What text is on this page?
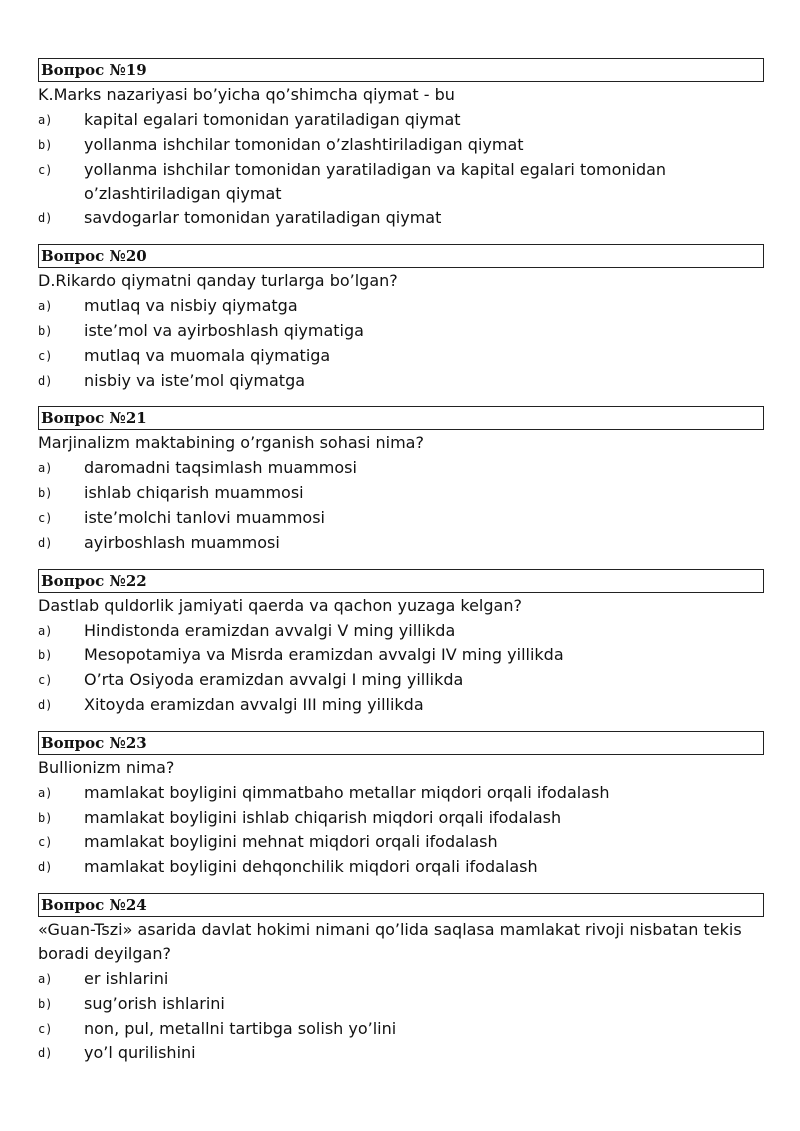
Вопрос №19
K.Marks nazariyasi bo’yicha qo’shimcha qiymat - bu
a)	kapital egalari tomonidan yaratiladigan qiymat
b)	yollanma ishchilar tomonidan o’zlashtiriladigan qiymat
c)	yollanma ishchilar tomonidan yaratiladigan va kapital egalari tomonidan o’zlashtiriladigan qiymat
d)	savdogarlar tomonidan yaratiladigan qiymat
Вопрос №20
D.Rikardo qiymatni qanday turlarga bo’lgan?
a)	mutlaq va nisbiy qiymatga
b)	iste’mol va ayirboshlash qiymatiga
c)	mutlaq va muomala qiymatiga
d)	nisbiy va iste’mol qiymatga
Вопрос №21
Marjinalizm maktabining o’rganish sohasi nima?
a)	daromadni taqsimlash muammosi
b)	ishlab chiqarish muammosi
c)	iste’molchi tanlovi muammosi
d)	ayirboshlash muammosi
Вопрос №22
Dastlab quldorlik jamiyati qaerda va qachon yuzaga kelgan?
a)	Hindistonda eramizdan avvalgi V ming yillikda
b)	Mesopotamiya va Misrda eramizdan avvalgi IV ming yillikda
c)	O’rta Osiyoda eramizdan avvalgi I ming yillikda
d)	Xitoyda eramizdan avvalgi III ming yillikda
Вопрос №23
Bullionizm nima?
a)	mamlakat boyligini qimmatbaho metallar miqdori orqali ifodalash
b)	mamlakat boyligini ishlab chiqarish miqdori orqali ifodalash
c)	mamlakat boyligini mehnat miqdori orqali ifodalash
d)	mamlakat boyligini dehqonchilik miqdori orqali ifodalash
Вопрос №24
«Guan-Tszi» asarida davlat hokimi nimani qo’lida saqlasa mamlakat rivoji nisbatan tekis boradi deyilgan?
a)	er ishlarini
b)	sug’orish ishlarini
c)	non, pul, metallni tartibga solish yo’lini
d)	yo’l qurilishini
